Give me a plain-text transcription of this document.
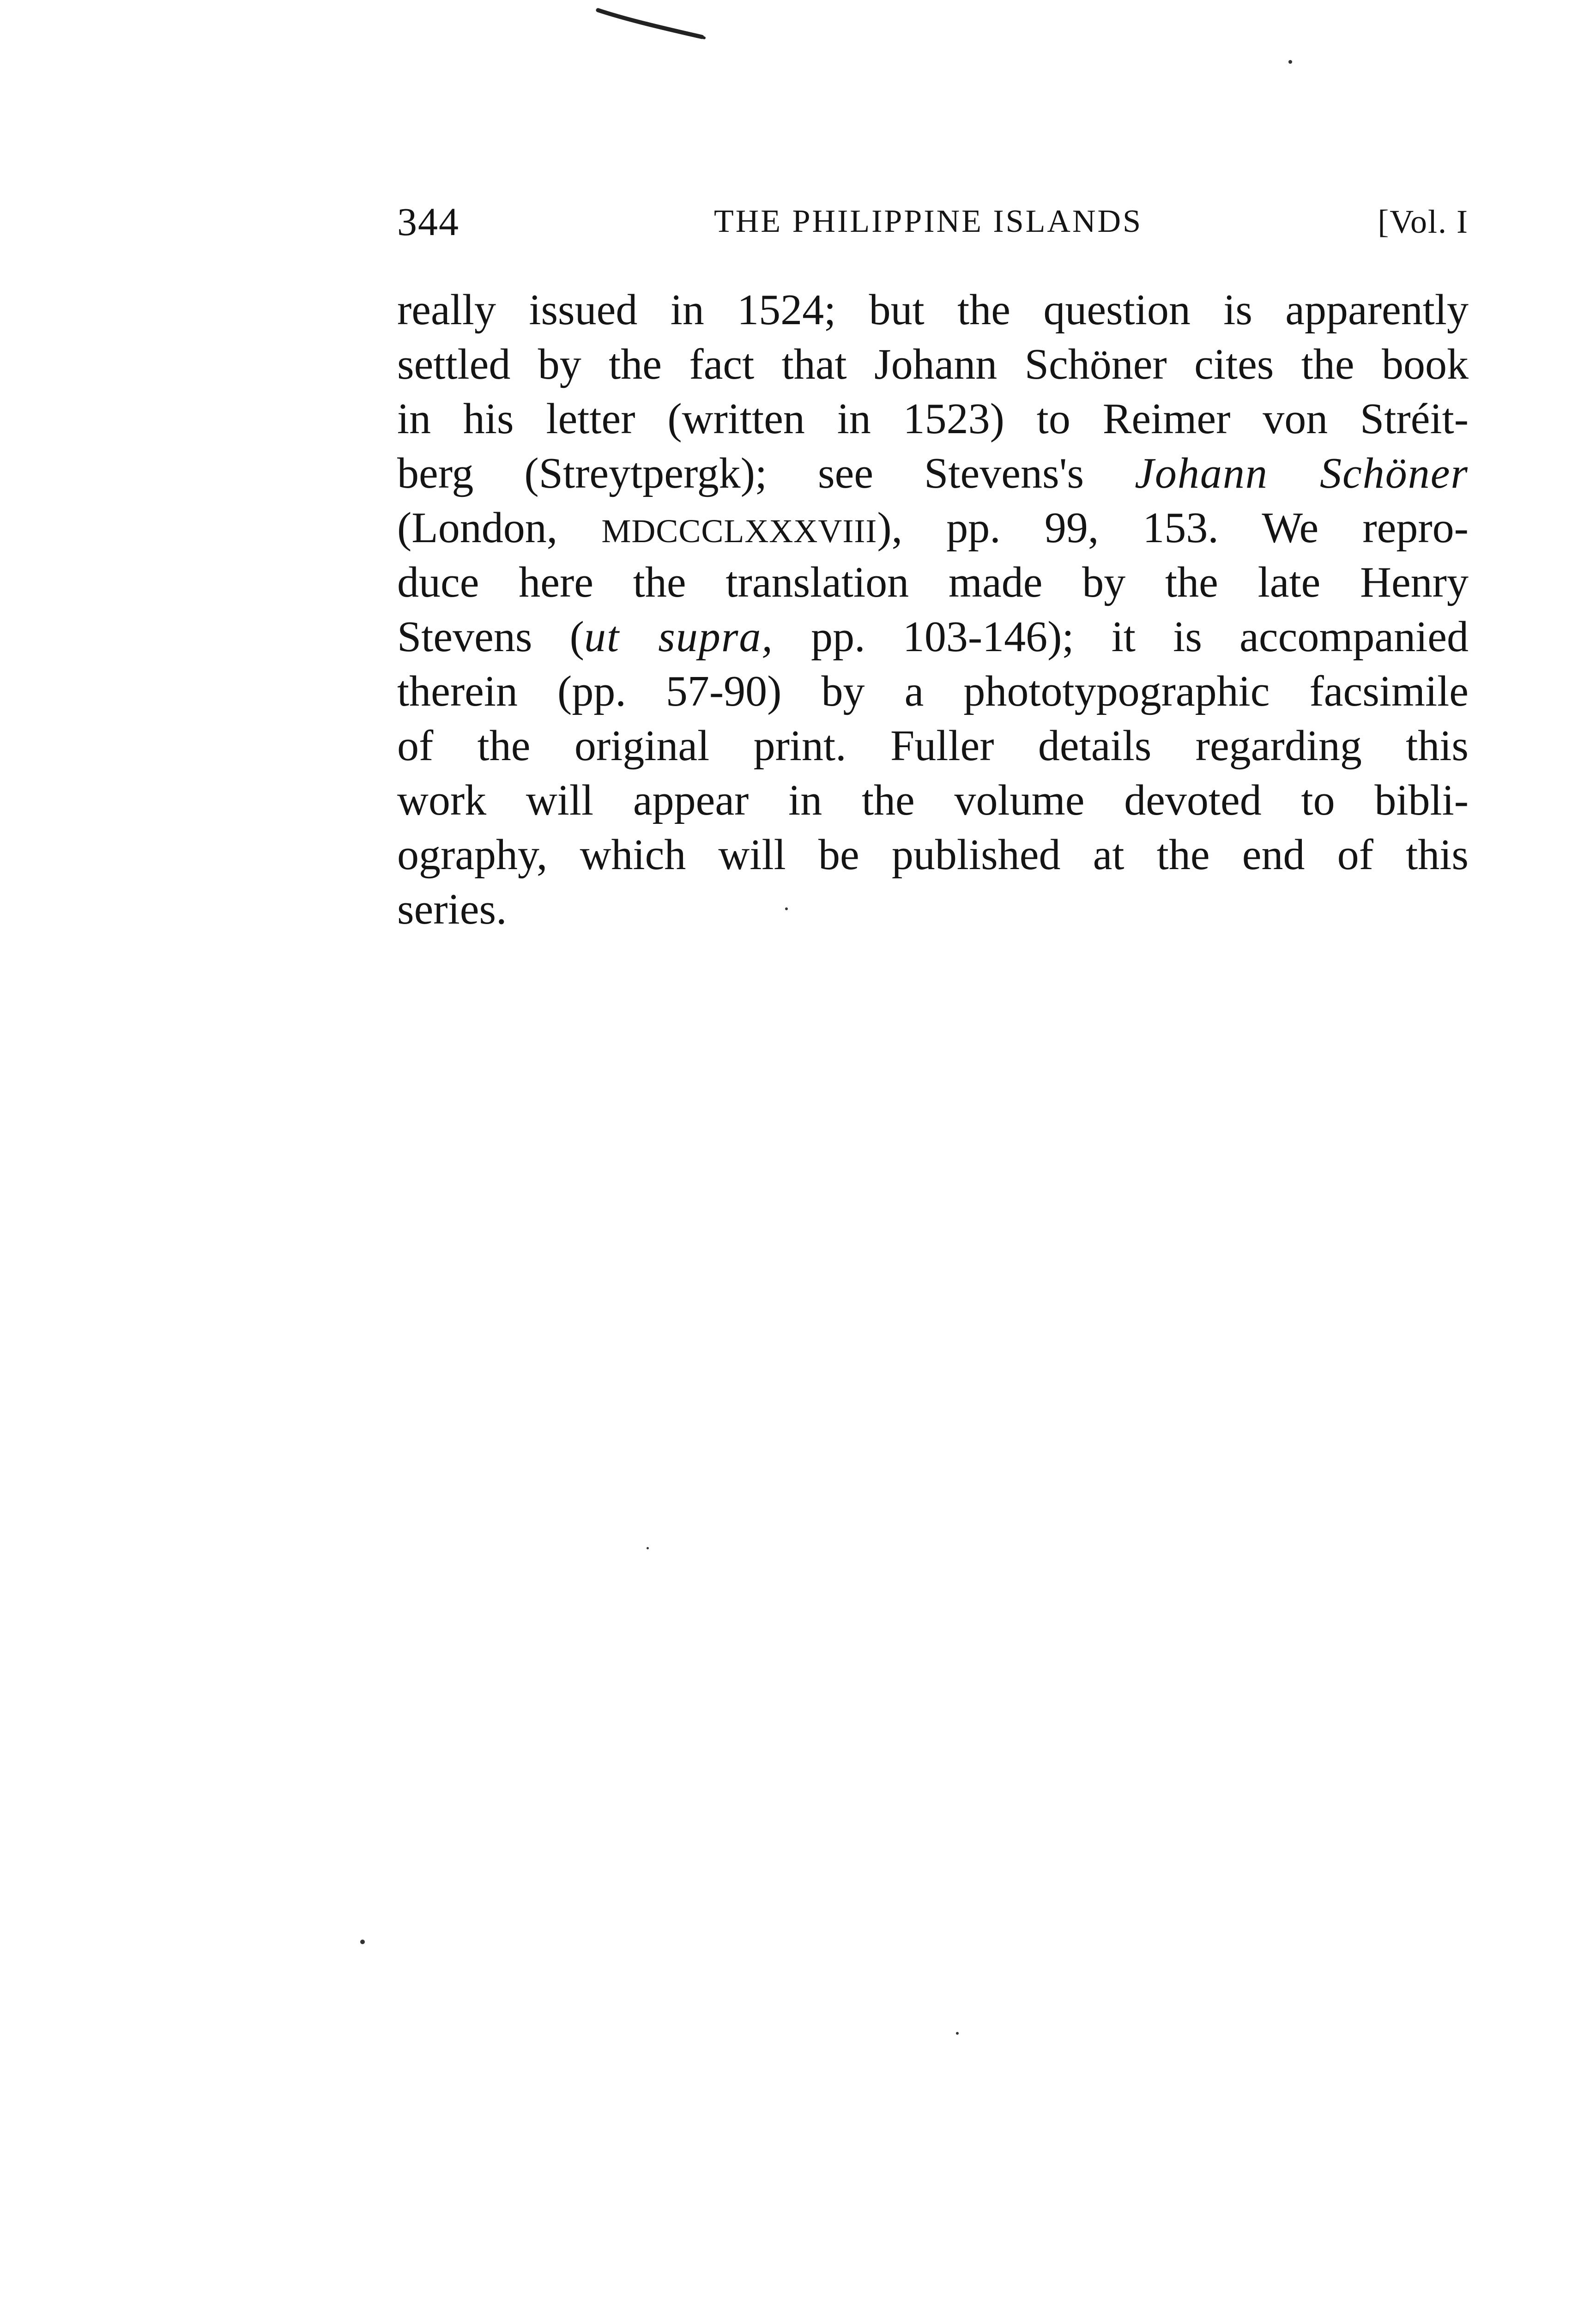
344	THE PHILIPPINE ISLANDS	[Vol. I
really issued in 1524; but the question is apparently
settled by the fact that Johann Schöner cites the book
in his letter (written in 1523) to Reimer von Stréit-
berg (Streytpergk); see Stevens's Johann Schöner
(London, MDCCCLXXXVIII), pp. 99, 153. We repro-
duce here the translation made by the late Henry
Stevens (ut supra, pp. 103-146); it is accompanied
therein (pp. 57-90) by a phototypographic facsimile
of the original print. Fuller details regarding this
work will appear in the volume devoted to bibli-
ography, which will be published at the end of this
series.
